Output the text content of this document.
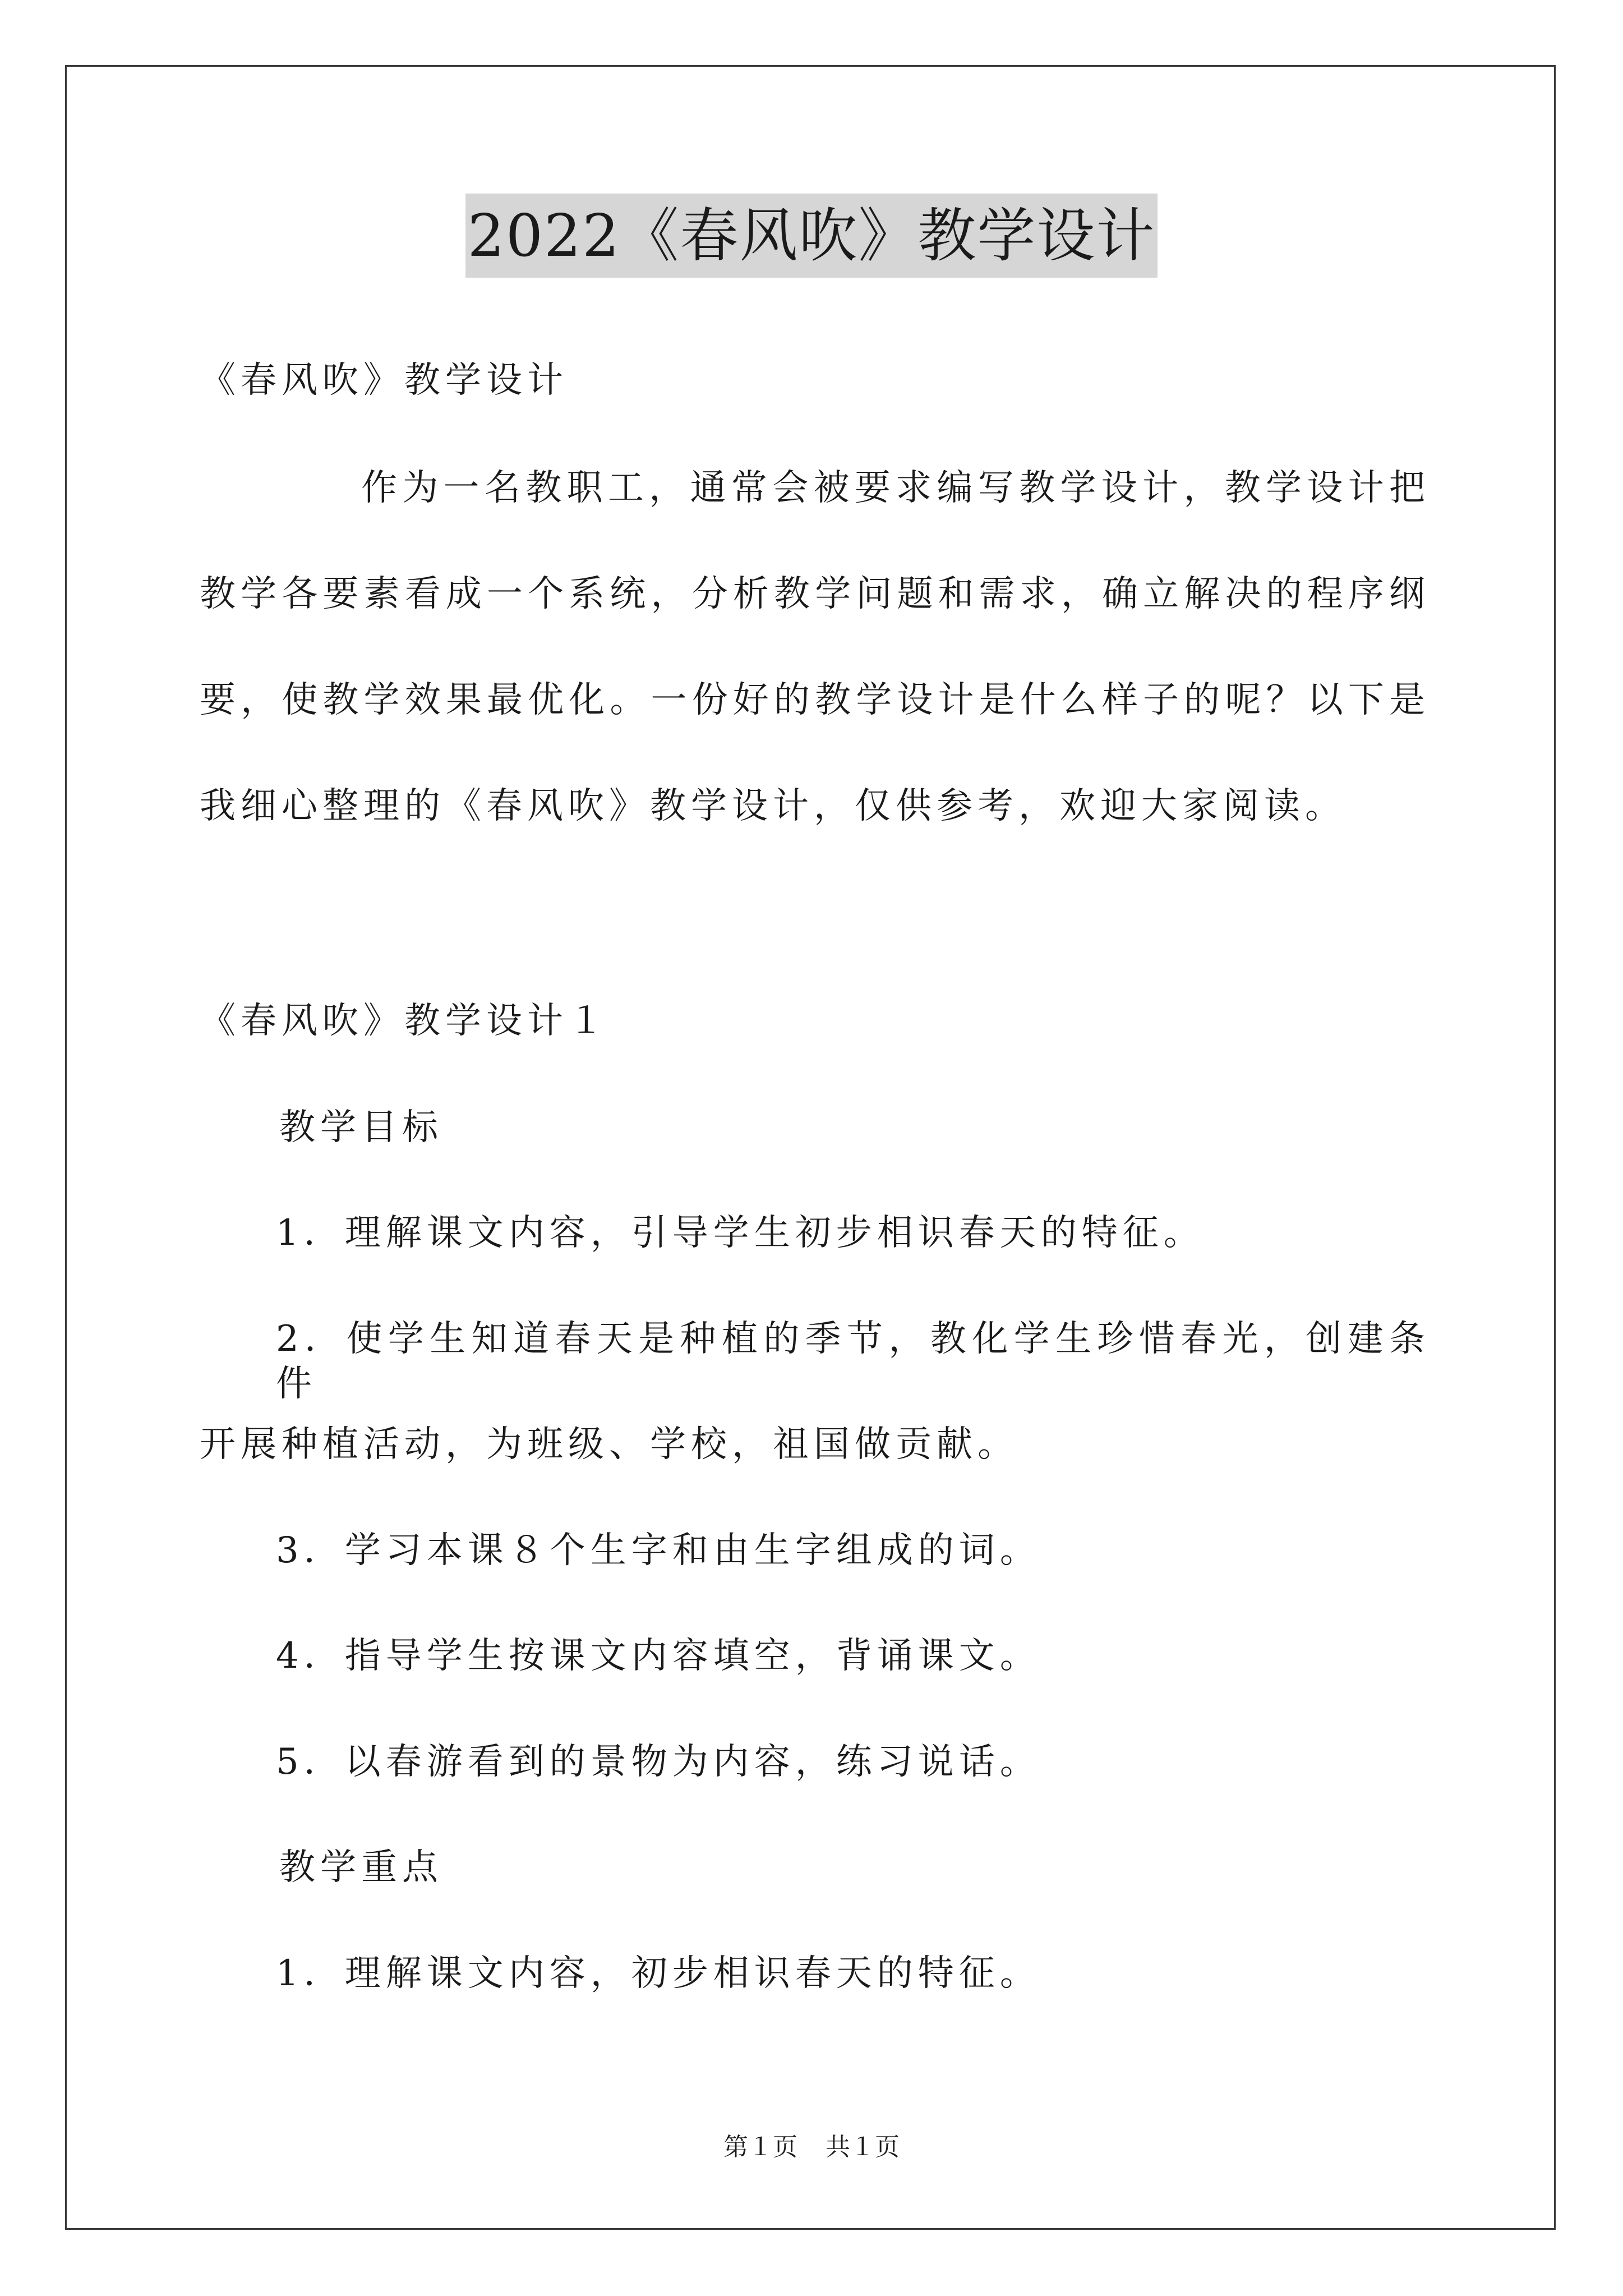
2022《春风吹》教学设计
《春风吹》教学设计
作为一名教职工，通常会被要求编写教学设计，教学设计把
教学各要素看成一个系统，分析教学问题和需求，确立解决的程序纲
要，使教学效果最优化。一份好的教学设计是什么样子的呢？以下是
我细心整理的《春风吹》教学设计，仅供参考，欢迎大家阅读。
《春风吹》教学设计１
教学目标
1．理解课文内容，引导学生初步相识春天的特征。
2．使学生知道春天是种植的季节，教化学生珍惜春光，创建条件
开展种植活动，为班级、学校，祖国做贡献。
3．学习本课８个生字和由生字组成的词。
4．指导学生按课文内容填空，背诵课文。
5．以春游看到的景物为内容，练习说话。
教学重点
1．理解课文内容，初步相识春天的特征。
第１页 共１页
